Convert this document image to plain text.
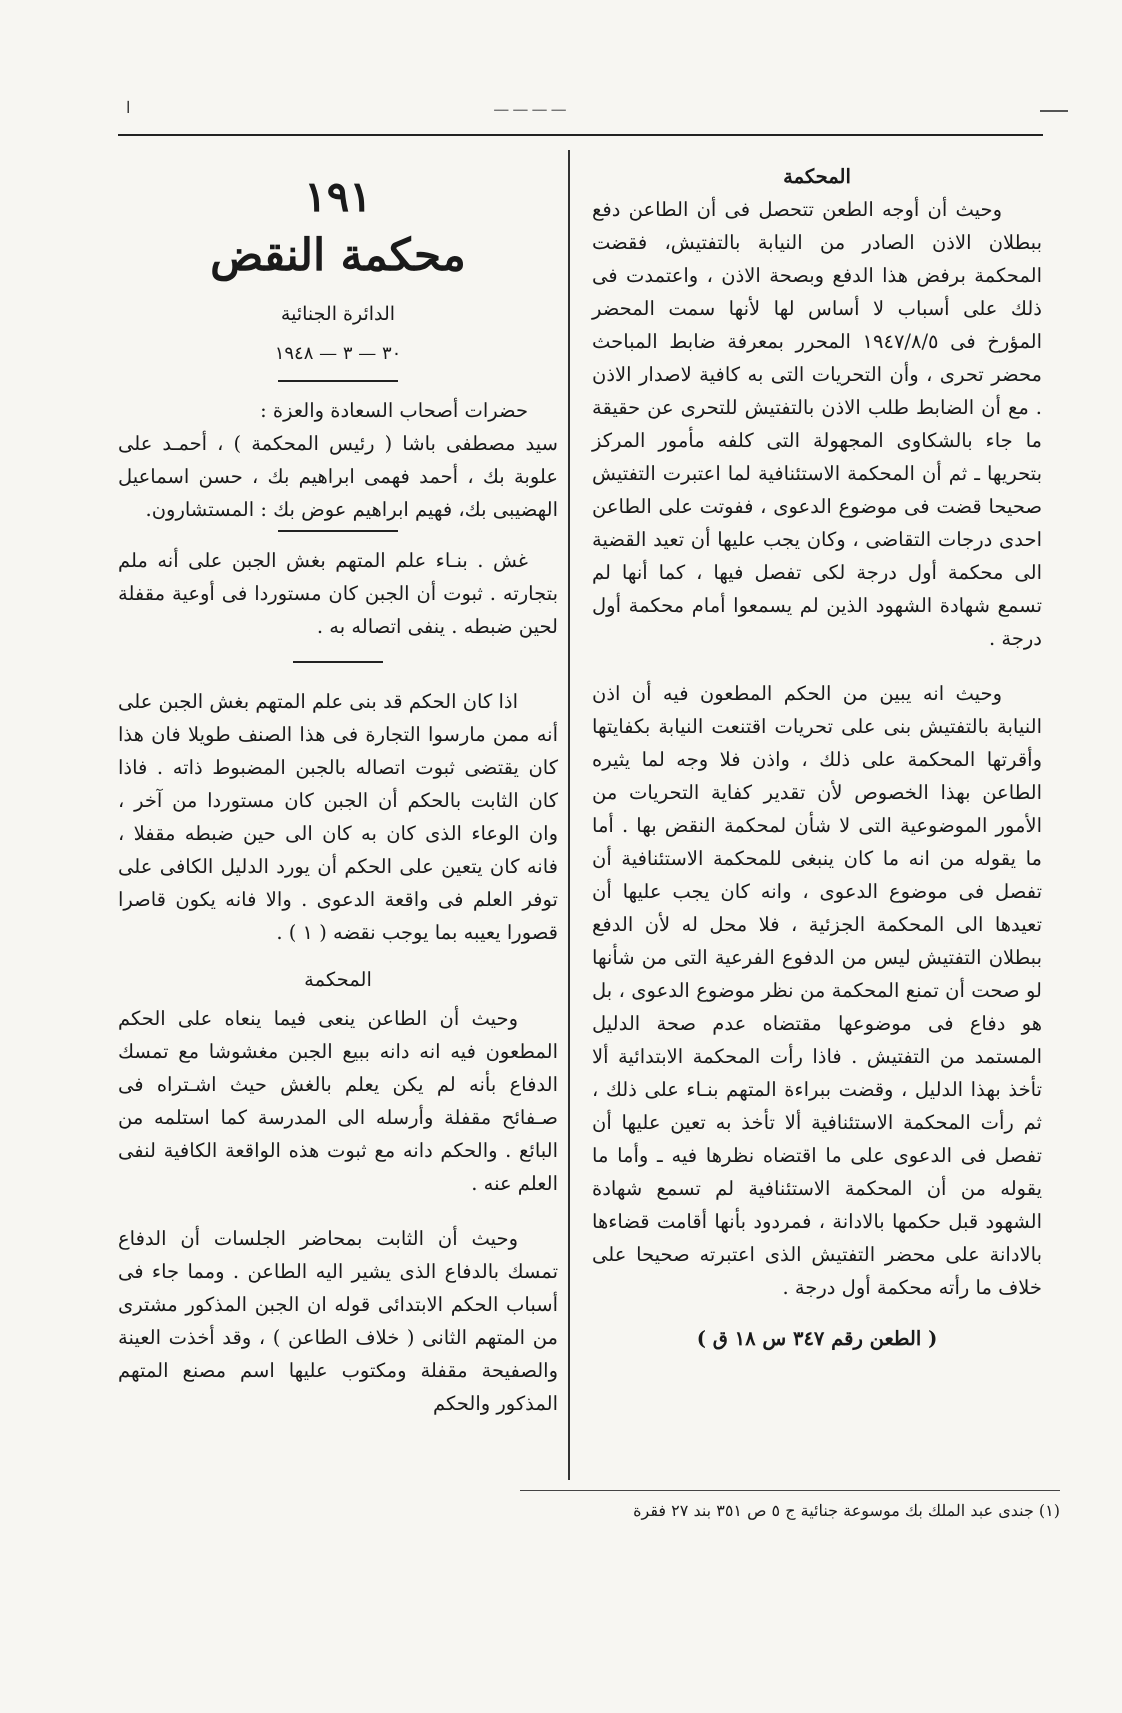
ا	ـــ ـــ ـــ ـــ

المحكمة

وحيث أن أوجه الطعن تتحصل فى أن الطاعن دفع ببطلان الاذن الصادر من النيابة بالتفتيش، فقضت المحكمة برفض هذا الدفع وبصحة الاذن ، واعتمدت فى ذلك على أسباب لا أساس لها لأنها سمت المحضر المؤرخ فى ١٩٤٧/٨/٥ المحرر بمعرفة ضابط المباحث محضر تحرى ، وأن التحريات التى به كافية لاصدار الاذن . مع أن الضابط طلب الاذن بالتفتيش للتحرى عن حقيقة ما جاء بالشكاوى المجهولة التى كلفه مأمور المركز بتحريها ـ ثم أن المحكمة الاستئنافية لما اعتبرت التفتيش صحيحا قضت فى موضوع الدعوى ، ففوتت على الطاعن احدى درجات التقاضى ، وكان يجب عليها أن تعيد القضية الى محكمة أول درجة لكى تفصل فيها ، كما أنها لم تسمع شهادة الشهود الذين لم يسمعوا أمام محكمة أول درجة .

وحيث انه يبين من الحكم المطعون فيه أن اذن النيابة بالتفتيش بنى على تحريات اقتنعت النيابة بكفايتها وأقرتها المحكمة على ذلك ، واذن فلا وجه لما يثيره الطاعن بهذا الخصوص لأن تقدير كفاية التحريات من الأمور الموضوعية التى لا شأن لمحكمة النقض بها . أما ما يقوله من انه ما كان ينبغى للمحكمة الاستئنافية أن تفصل فى موضوع الدعوى ، وانه كان يجب عليها أن تعيدها الى المحكمة الجزئية ، فلا محل له لأن الدفع ببطلان التفتيش ليس من الدفوع الفرعية التى من شأنها لو صحت أن تمنع المحكمة من نظر موضوع الدعوى ، بل هو دفاع فى موضوعها مقتضاه عدم صحة الدليل المستمد من التفتيش . فاذا رأت المحكمة الابتدائية ألا تأخذ بهذا الدليل ، وقضت ببراءة المتهم بنـاء على ذلك ، ثم رأت المحكمة الاستئنافية ألا تأخذ به تعين عليها أن تفصل فى الدعوى على ما اقتضاه نظرها فيه ـ وأما ما يقوله من أن المحكمة الاستئنافية لم تسمع شهادة الشهود قبل حكمها بالادانة ، فمردود بأنها أقامت قضاءها بالادانة على محضر التفتيش الذى اعتبرته صحيحا على خلاف ما رأته محكمة أول درجة .

( الطعن رقم ٣٤٧ س ١٨ ق )

١٩١
محكمة النقض
الدائرة الجنائية
٣٠ — ٣ — ١٩٤٨

حضرات أصحاب السعادة والعزة :

سيد مصطفى باشا ( رئيس المحكمة ) ، أحمـد على علوبة بك ، أحمد فهمى ابراهيم بك ، حسن اسماعيل الهضيبى بك، فهيم ابراهيم عوض بك : المستشارون.

غش . بنـاء علم المتهم بغش الجبن على أنه ملم بتجارته . ثبوت أن الجبن كان مستوردا فى أوعية مقفلة لحين ضبطه . ينفى اتصاله به .

اذا كان الحكم قد بنى علم المتهم بغش الجبن على أنه ممن مارسوا التجارة فى هذا الصنف طويلا فان هذا كان يقتضى ثبوت اتصاله بالجبن المضبوط ذاته . فاذا كان الثابت بالحكم أن الجبن كان مستوردا من آخر ، وان الوعاء الذى كان به كان الى حين ضبطه مقفلا ، فانه كان يتعين على الحكم أن يورد الدليل الكافى على توفر العلم فى واقعة الدعوى . والا فانه يكون قاصرا قصورا يعيبه بما يوجب نقضه ( ١ ) .

المحكمة

وحيث أن الطاعن ينعى فيما ينعاه على الحكم المطعون فيه انه دانه ببيع الجبن مغشوشا مع تمسك الدفاع بأنه لم يكن يعلم بالغش حيث اشـتراه فى صـفائح مقفلة وأرسله الى المدرسة كما استلمه من البائع . والحكم دانه مع ثبوت هذه الواقعة الكافية لنفى العلم عنه .

وحيث أن الثابت بمحاضر الجلسات أن الدفاع تمسك بالدفاع الذى يشير اليه الطاعن . ومما جاء فى أسباب الحكم الابتدائى قوله ان الجبن المذكور مشترى من المتهم الثانى ( خلاف الطاعن ) ، وقد أخذت العينة والصفيحة مقفلة ومكتوب عليها اسم مصنع المتهم المذكور والحكم

(١) جندى عبد الملك بك موسوعة جنائية ج ٥ ص ٣٥١ بند ٢٧ فقرة
